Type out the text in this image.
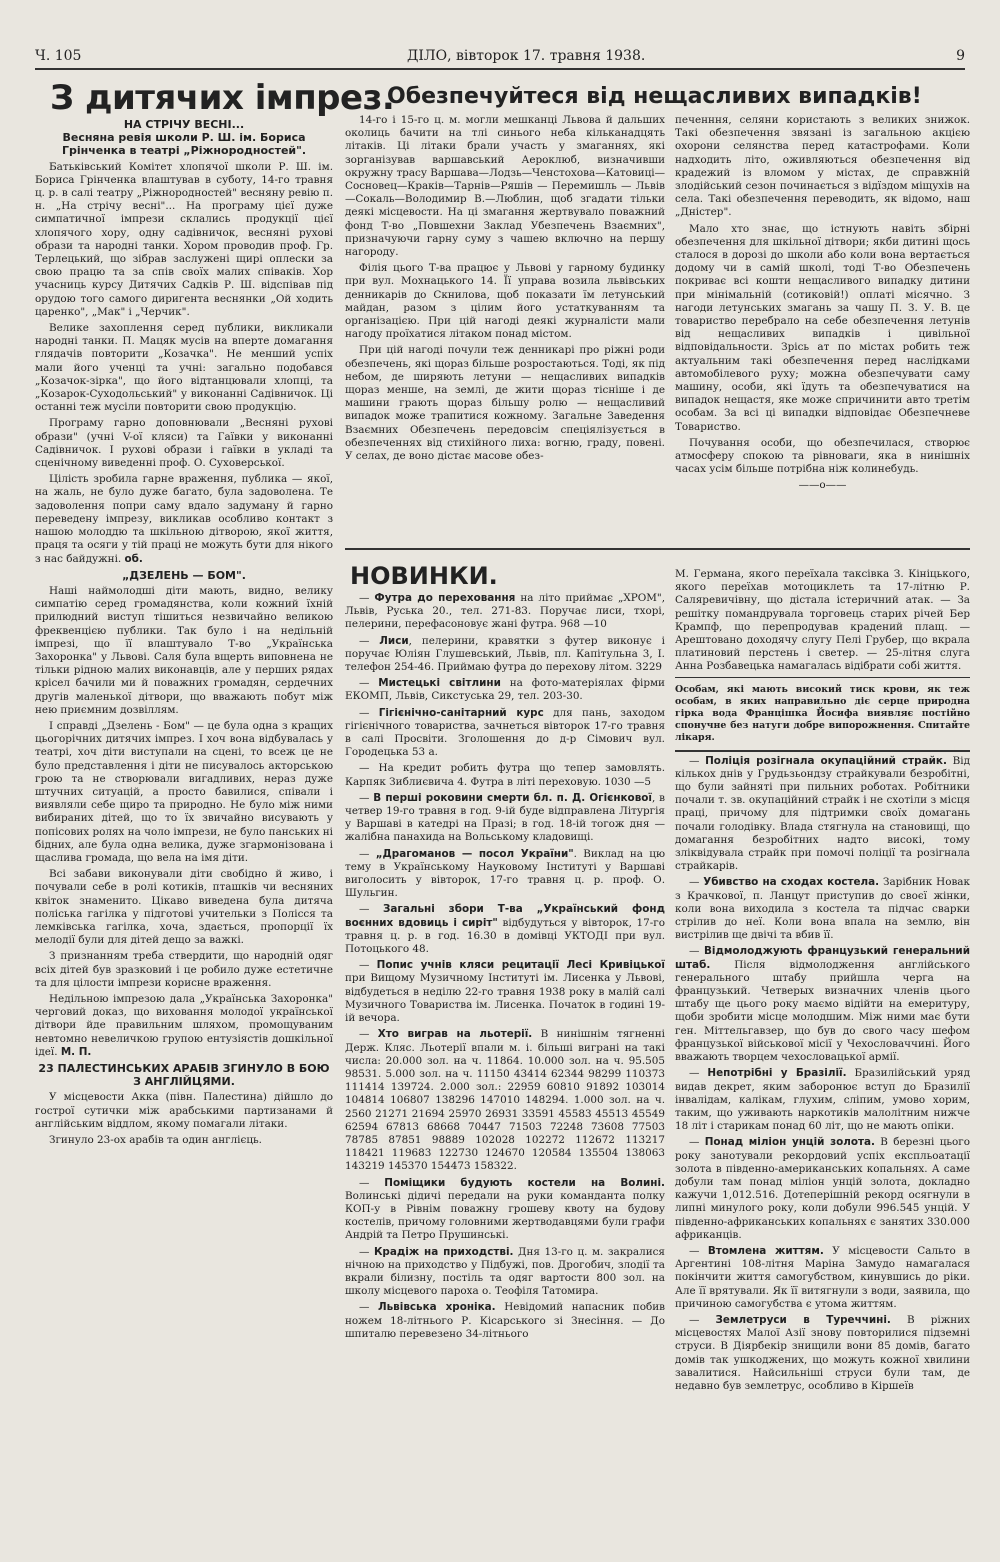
Ч. 105	ДІЛО, вівторок 17. травня 1938.	9
З дитячих імпрез.
Обезпечуйтеся від нещасливих випадків!
НОВИНКИ.

НА СТРІЧУ ВЕСНІ...
Весняна ревія школи Р. Ш. ім. Бориса Грінченка в театрі „Ріжнородностей".

Батьківський Комітет хлопячої школи Р. Ш. ім. Бориса Грінченка влаштував в суботу, 14-го травня ц. р. в салі театру „Ріжнородностей" весняну ревію п. н. „На стрічу весні"... На програму цієї дуже симпатичної імпрези склались продукції цієї хлопячого хору, одну садівничок, весняні рухові образи та народні танки. Хором проводив проф. Гр. Терлецький, що зібрав заслужені щирі оплески за свою працю та за спів своїх малих співаків. Хор учасниць курсу Дитячих Садків Р. Ш. відспівав під орудою того самого диригента веснянки „Ой ходить царенко", „Мак" і „Черчик".

Велике захоплення серед публики, викликали народні танки. П. Мацяк мусів на вперте домагання глядачів повторити „Козачка". Не менший успіх мали його ученці та учні: загально подобався „Козачок-зірка", що його відтанцювали хлопці, та „Козарок-Суходольський" у виконанні Садівничок. Ці останні теж мусіли повторити свою продукцію.

Програму гарно доповнювали „Весняні рухові образи" (учні V-ої кляси) та Гаївки у виконанні Садівничок. І рухові образи і гаївки в укладі та сценічному виведенні проф. О. Суховерської.

Цілість зробила гарне враження, публика — якої, на жаль, не було дуже багато, була задоволена. Те задоволення попри саму вдало задуману й гарно переведену імпрезу, викликав особливо контакт з нашою молоддю та шкільною дітворою, якої життя, праця та осяги у тій праці не можуть бути для нікого з нас байдужні. об.

„ДЗЕЛЕНЬ — БОМ".

Наші наймолодші діти мають, видно, велику симпатію серед громадянства, коли кожний їхній прилюдний виступ тішиться незвичайно великою фреквенцією публики. Так було і на недільній імпрезі, що її влаштувало Т-во „Українська Захоронка" у Львові. Саля була вщерть виповнена не тільки рідною малих виконавців, але у перших рядах крісел бачили ми й поважних громадян, сердечних другів маленької дітвори, що вважають побут між нею приємним дозвіллям.

І справді „Дзелень - Бом" — це була одна з кращих цьогорічних дитячих імпрез. І хоч вона відбувалась у театрі, хоч діти виступали на сцені, то всеж це не було представлення і діти не писувалось акторською грою та не створювали вигадливих, нераз дуже штучних ситуацій, а просто бавилися, співали і виявляли себе щиро та природно. Не було між ними вибираних дітей, що то їх звичайно висувають у попісових ролях на чоло імпрези, не було панських ні бідних, але була одна велика, дуже згармонізована і щаслива громада, що вела на імя діти.

Всі забави виконували діти свобідно й живо, і почували себе в ролі котиків, пташків чи весняних квіток знаменито. Цікаво виведена була дитяча поліська гагілка у підготові учительки з Полісся та лемківська гагілка, хоча, здається, пропорції їх мелодії були для дітей дещо за важкі.

З признанням треба ствердити, що народній одяг всіх дітей був зразковий і це робило дуже естетичне та для цілости імпрези корисне враження.

Недільною імпрезою дала „Українська Захоронка" черговий доказ, що виховання молодої української дітвори йде правильним шляхом, промощуваним невтомно невеличкою групою ентузіястів дошкільної ідеї. М. П.

23 ПАЛЕСТИНСЬКИХ АРАБІВ ЗГИНУЛО В БОЮ З АНГЛІЙЦЯМИ.

У місцевости Акка (півн. Палестина) дійшло до гострої сутички між арабськими партизанами й англійським віддлом, якому помагали літаки.

Згинуло 23-ох арабів та один англієць.

14-го і 15-го ц. м. могли мешканці Львова й дальших околиць бачити на тлі синього неба кільканадцять літаків. Ці літаки брали участь у змаганнях, які зорганізував варшавський Аероклюб, визначивши окружну трасу Варшава—Лодзь—Ченстохова—Катовиці—Сосновец—Краків—Тарнів—Ряшів — Перемишль — Львів—Сокаль—Володимир В.—Люблин, щоб згадати тільки деякі місцевости. На ці змагання жертвувало поважний фонд Т-во „Повшехни Заклад Убезпечень Взаємних", призначуючи гарну суму з чашею включно на першу нагороду.

Філія цього Т-ва працює у Львові у гарному будинку при вул. Мохнацького 14. Її управа возила львівських денникарів до Скнилова, щоб показати їм летунський майдан, разом з цілим його устаткуванням та організацією. При цій нагоді деякі журналісти мали нагоду проїхатися літаком понад містом.

При цій нагоді почули теж денникарі про ріжні роди обезпечень, які щораз більше розростаються. Тоді, як під небом, де ширяють летуни — нещасливих випадків щораз менше, на землі, де жити щораз тісніше і де машини грають щораз більшу ролю — нещасливий випадок може трапитися кожному. Загальне Заведення Взаємних Обезпечень передовсім спеціялізується в обезпеченнях від стихійного лиха: вогню, граду, повені. У селах, де воно дістає масове обез-

печенння, селяни користають з великих знижок. Такі обезпечення звязані із загальною акцією охорони селянства перед катастрофами. Коли надходить літо, оживляються обезпечення від крадежий із вломом у містах, де справжній злодійський сезон починається з відїздом міщухів на села. Такі обезпечення переводить, як відомо, наш „Дністер".

Мало хто знає, що істнують навіть збірні обезпечення для шкільної дітвори; якби дитині щось сталося в дорозі до школи або коли вона вертається додому чи в самій школі, тоді Т-во Обезпечень покриває всі кошти нещасливого випадку дитини при мінімальній (сотиковій!) оплаті місячно. З нагоди летунських змагань за чашу П. З. У. В. це товариство перебрало на себе обезпечення летунів від нещасливих випадків і цивільної відповідальности. Зрісь ат по містах робить теж актуальним такі обезпечення перед наслідками автомобілевого руху; можна обезпечувати саму машину, особи, які їдуть та обезпечуватися на випадок нещастя, яке може спричинити авто третім особам. За всі ці випадки відповідає Обезпечневе Товариство.

Почування особи, що обезпечилася, створює атмосферу спокою та рівноваги, яка в нинішніх часах усім більше потрібна ніж колинебудь.

——o——

— Футра до переховання на літо приймає „ХРОМ", Львів, Руська 20., тел. 271-83. Поручає лиси, тхорі, пелерини, перефасоновує жані футра. 968 —10

— Лиси, пелерини, кравятки з футер виконує і поручає Юліян Глушевський, Львів, пл. Капітульна 3, І. телефон 254-46. Приймаю футра до перехову літом. 3229

— Мистецькі світлини на фото-матеріялах фірми ЕКОМП, Львів, Сикстуська 29, тел. 203-30.

— Гігієнічно-санітарний курс для пань, заходом гігієнічного товариства, зачнеться вівторок 17-го травня в салі Просвіти. Зголошення до д-р Сімович вул. Городецька 53 а.

— На кредит робить футра що тепер замовлять. Карпяк Зиблиєвича 4. Футра в літі переховую. 1030 —5

— В перші роковини смерти бл. п. Д. Огієнкової, в четвер 19-го травня в год. 9-ій буде відправлена Літургія у Варшаві в катедрі на Празі; в год. 18-ій тогож дня — жалібна панахида на Вольському кладовищі.

— „Драгоманов — посол України". Виклад на цю тему в Українському Науковому Інституті у Варшаві виголосить у вівторок, 17-го травня ц. р. проф. О. Шульгин.

— Загальні збори Т-ва „Український фонд воєнних вдовиць і сиріт" відбудуться у вівторок, 17-го травня ц. р. в год. 16.30 в домівці УКТОДІ при вул. Потоцького 48.

— Попис учнів кляси рецитації Лесі Кривіцької при Вищому Музичному Інституті ім. Лисенка у Львові, відбудеться в неділю 22-го травня 1938 року в малій салі Музичного Товариства ім. Лисенка. Початок в годині 19-ій вечора.

— Хто виграв на льотерії. В нинішнім тягненні Держ. Кляс. Льотерії впали м. і. більші виграні на такі числа: 20.000 зол. на ч. 11864. 10.000 зол. на ч. 95.505 98531. 5.000 зол. на ч. 11150 43414 62344 98299 110373 111414 139724. 2.000 зол.: 22959 60810 91892 103014 104814 106807 138296 147010 148294. 1.000 зол. на ч. 2560 21271 21694 25970 26931 33591 45583 45513 45549 62594 67813 68668 70447 71503 72248 73608 77503 78785 87851 98889 102028 102272 112672 113217 118421 119683 122730 124670 120584 135504 138063 143219 145370 154473 158322.

— Поміщики будують костели на Волині. Волинські дідичі передали на руки команданта полку КОП-у в Рівнім поважну грошеву квоту на будову костелів, причому головними жертводавцями були графи Андрій та Петро Прушинські.

— Крадіж на приходстві. Дня 13-го ц. м. закралися нічною на приходство у Підбужі, пов. Дрогобич, злодії та вкрали білизну, постіль та одяг вартости 800 зол. на школу місцевого пароха о. Теофіля Татомира.

— Львівська хроніка. Невідомий напасник побив ножем 18-літнього Р. Кісарського зі Знесіння. — До шпиталю перевезено 34-літнього

М. Германа, якого переїхала таксівка З. Кініцького, якого переїхав мотоциклеть та 17-літню Р. Саляревичівну, що дістала істеричний атак. — За решітку помандрувала торговець старих річей Бер Крампф, що перепродував крадений плащ. — Арештовано доходячу слугу Пелі Грубер, що вкрала платиновий перстень і светер. — 25-літня слуга Анна Розбавецька намагалась відібрати собі життя.

Особам, які мають високий тиск крови, як теж особам, в яких направильно діє серце природна гірка вода Францішка Йосифа виявляє постійно спонучне без натуги добре випорожнення. Спитайте лікаря.

— Поліція розігнала окупаційний страйк. Від кількох днів у Грудьзьондзу страйкували безробітні, що були зайняті при пильних роботах. Робітники почали т. зв. окупаційний страйк і не схотіли з місця праці, причому для підтримки своїх домагань почали голодівку. Влада стягнула на становищі, що домагання безробітних надто високі, тому зліквідувала страйк при помочі поліції та розігнала страйкарів.

— Убивство на сходах костела. Зарібник Новак з Крачкової, п. Ланцут приступив до своєї жінки, коли вона виходила з костела та підчас сварки стрілив до неї. Коли вона впала на землю, він вистрілив ще двічі та вбив її.

— Відмолоджують французький генеральний штаб. Після відмолодження англійського генерального штабу прийшла черга на французький. Четверых визначних членів цього штабу ще цього року маємо відійти на емеритуру, щоби зробити місце молодшим. Між ними має бути ген. Міттельгавзер, що був до свого часу шефом французької військової місії у Чехословаччині. Його вважають творцем чехословацької армії.

— Непотрібні у Бразілії. Бразилійський уряд видав декрет, яким заборонює вступ до Бразилії інвалідам, калікам, глухим, сліпим, умово хорим, таким, що уживають наркотиків малолітним нижче 18 літ і старикам понад 60 літ, що не мають опіки.

— Понад міліон унцій золота. В березні цього року занотували рекордовий успіх експльоатації золота в південно-американських копальнях. А саме добули там понад міліон унцій золота, докладно кажучи 1,012.516. Дотеперішній рекорд осягнули в липні минулого року, коли добули 996.545 унцій. У південно-африканських копальнях є занятих 330.000 африканців.

— Втомлена життям. У місцевости Сальто в Аргентині 108-літня Маріна Замудо намагалася покінчити життя самогубством, кинувшись до ріки. Але її врятували. Як її витягнули з води, заявила, що причиною самогубства є утома життям.

— Землетруси в Туреччині. В ріжних місцевостях Малої Азії знову повторилися підземні струси. В Діярбекір знищили вони 85 домів, багато домів так ушкоджених, що можуть кожної хвилини завалитися. Найсильніші струси були там, де недавно був землетрус, особливо в Кіршеїв
